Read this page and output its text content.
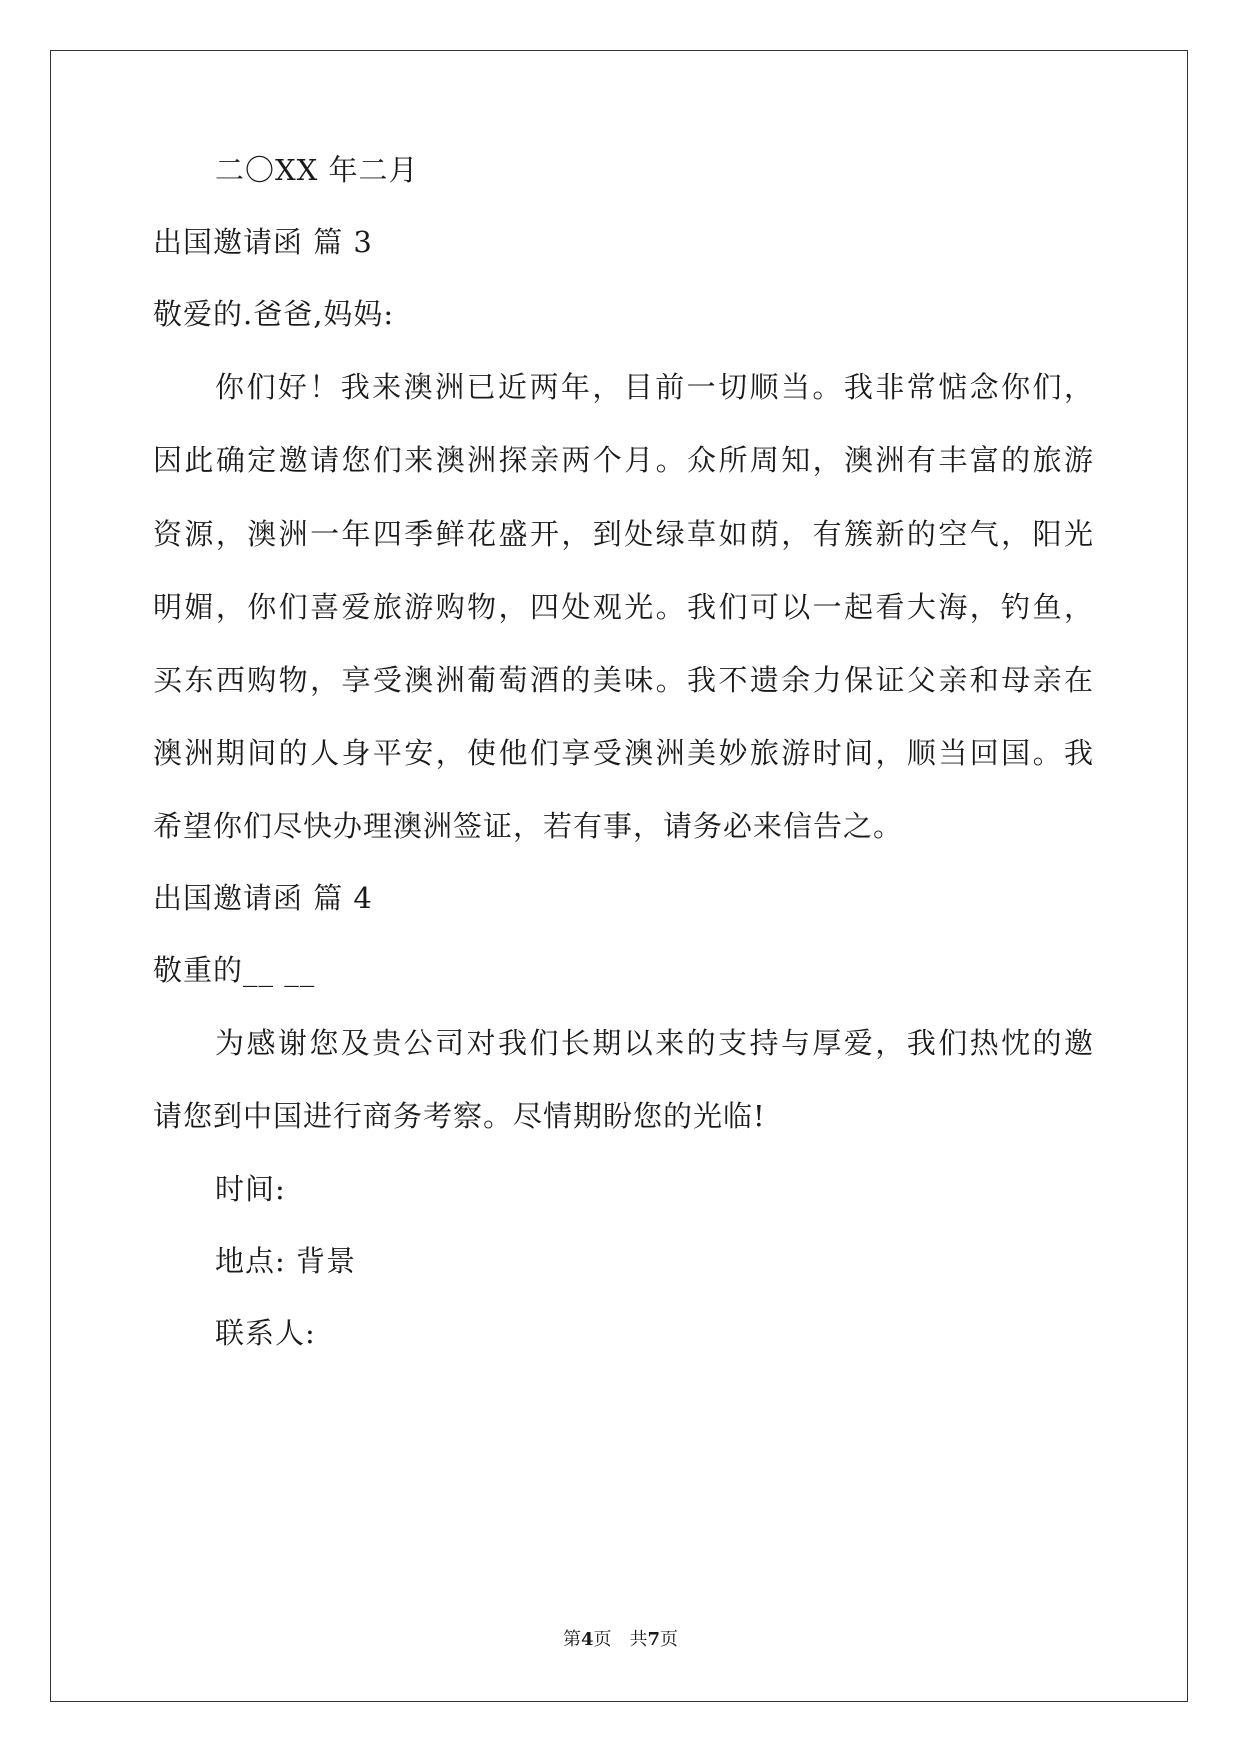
二〇XX 年二月
出国邀请函 篇 3
敬爱的.爸爸,妈妈:
你们好！我来澳洲已近两年，目前一切顺当。我非常惦念你们，
因此确定邀请您们来澳洲探亲两个月。众所周知，澳洲有丰富的旅游
资源，澳洲一年四季鲜花盛开，到处绿草如荫，有簇新的空气，阳光
明媚，你们喜爱旅游购物，四处观光。我们可以一起看大海，钓鱼，
买东西购物，享受澳洲葡萄酒的美味。我不遗余力保证父亲和母亲在
澳洲期间的人身平安，使他们享受澳洲美妙旅游时间，顺当回国。我
希望你们尽快办理澳洲签证，若有事，请务必来信告之。
出国邀请函 篇 4
敬重的__ __
为感谢您及贵公司对我们长期以来的支持与厚爱，我们热忱的邀
请您到中国进行商务考察。尽情期盼您的光临!
时间:
地点: 背景
联系人:
第4页 共7页
